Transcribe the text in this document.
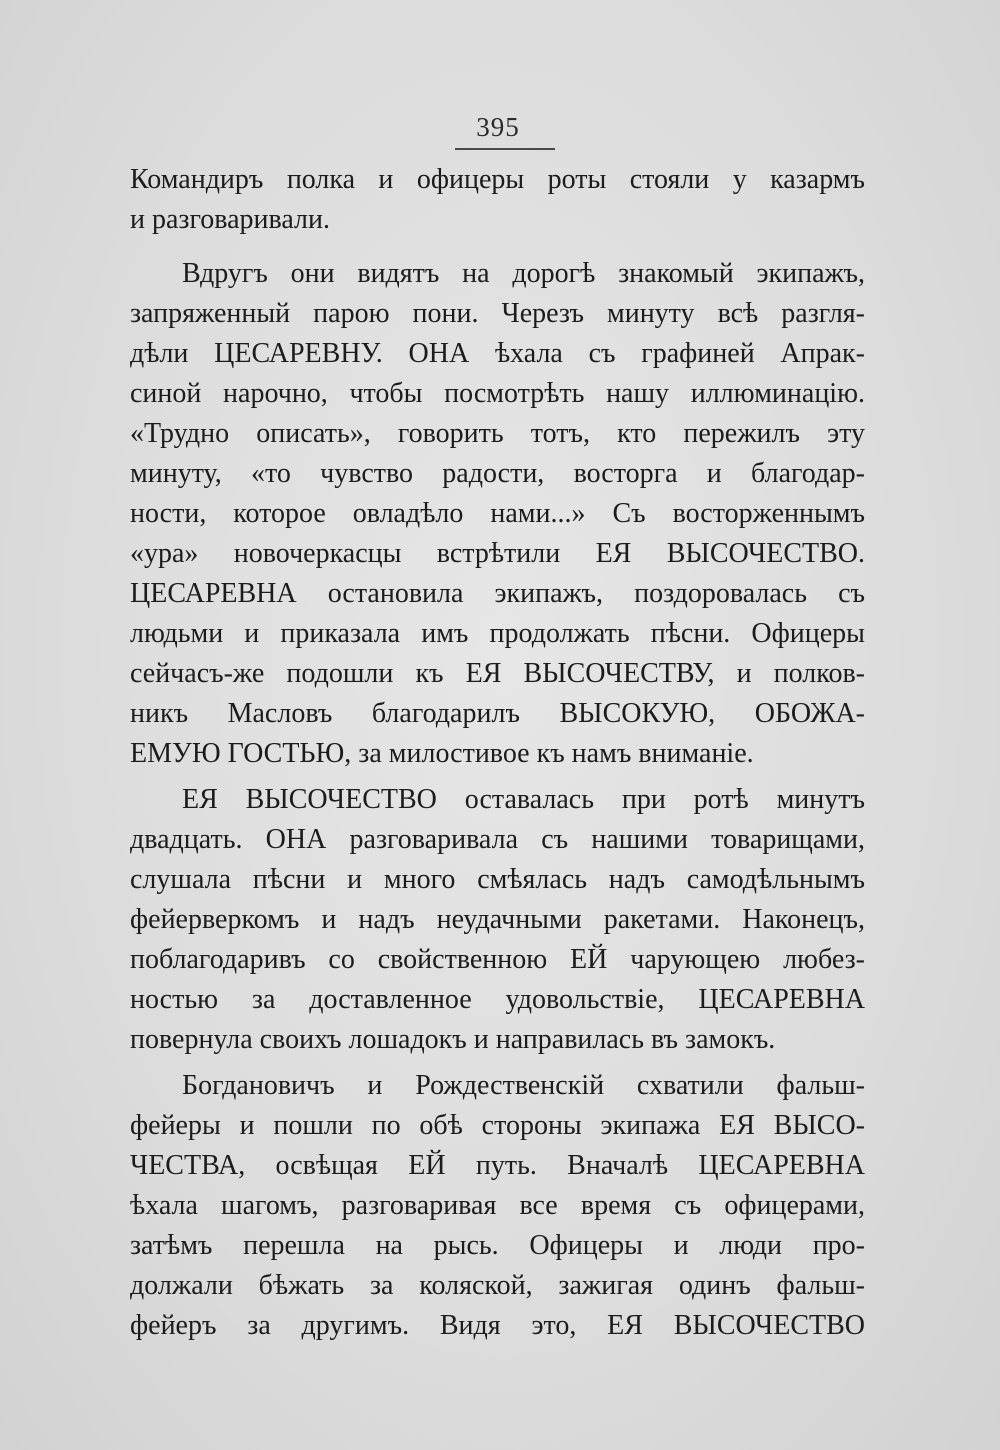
395
Командиръ полка и офицеры роты стояли у казармъ
и разговаривали.
Вдругъ они видятъ на дорогѣ знакомый экипажъ,
запряженный парою пони. Черезъ минуту всѣ разгля-
дѣли ЦЕСАРЕВНУ. ОНА ѣхала съ графиней Апрак-
синой нарочно, чтобы посмотрѣть нашу иллюминацію.
«Трудно описать», говорить тотъ, кто пережилъ эту
минуту, «то чувство радости, восторга и благодар-
ности, которое овладѣло нами...» Съ восторженнымъ
«ура» новочеркасцы встрѣтили ЕЯ ВЫСОЧЕСТВО.
ЦЕСАРЕВНА остановила экипажъ, поздоровалась съ
людьми и приказала имъ продолжать пѣсни. Офицеры
сейчасъ-же подошли къ ЕЯ ВЫСОЧЕСТВУ, и полков-
никъ Масловъ благодарилъ ВЫСОКУЮ, ОБОЖА-
ЕМУЮ ГОСТЬЮ, за милостивое къ намъ вниманіе.
ЕЯ ВЫСОЧЕСТВО оставалась при ротѣ минутъ
двадцать. ОНА разговаривала съ нашими товарищами,
слушала пѣсни и много смѣялась надъ самодѣльнымъ
фейерверкомъ и надъ неудачными ракетами. Наконецъ,
поблагодаривъ со свойственною ЕЙ чарующею любез-
ностью за доставленное удовольствіе, ЦЕСАРЕВНА
повернула своихъ лошадокъ и направилась въ замокъ.
Богдановичъ и Рождественскій схватили фальш-
фейеры и пошли по обѣ стороны экипажа ЕЯ ВЫСО-
ЧЕСТВА, освѣщая ЕЙ путь. Вначалѣ ЦЕСАРЕВНА
ѣхала шагомъ, разговаривая все время съ офицерами,
затѣмъ перешла на рысь. Офицеры и люди про-
должали бѣжать за коляской, зажигая одинъ фальш-
фейеръ за другимъ. Видя это, ЕЯ ВЫСОЧЕСТВО
